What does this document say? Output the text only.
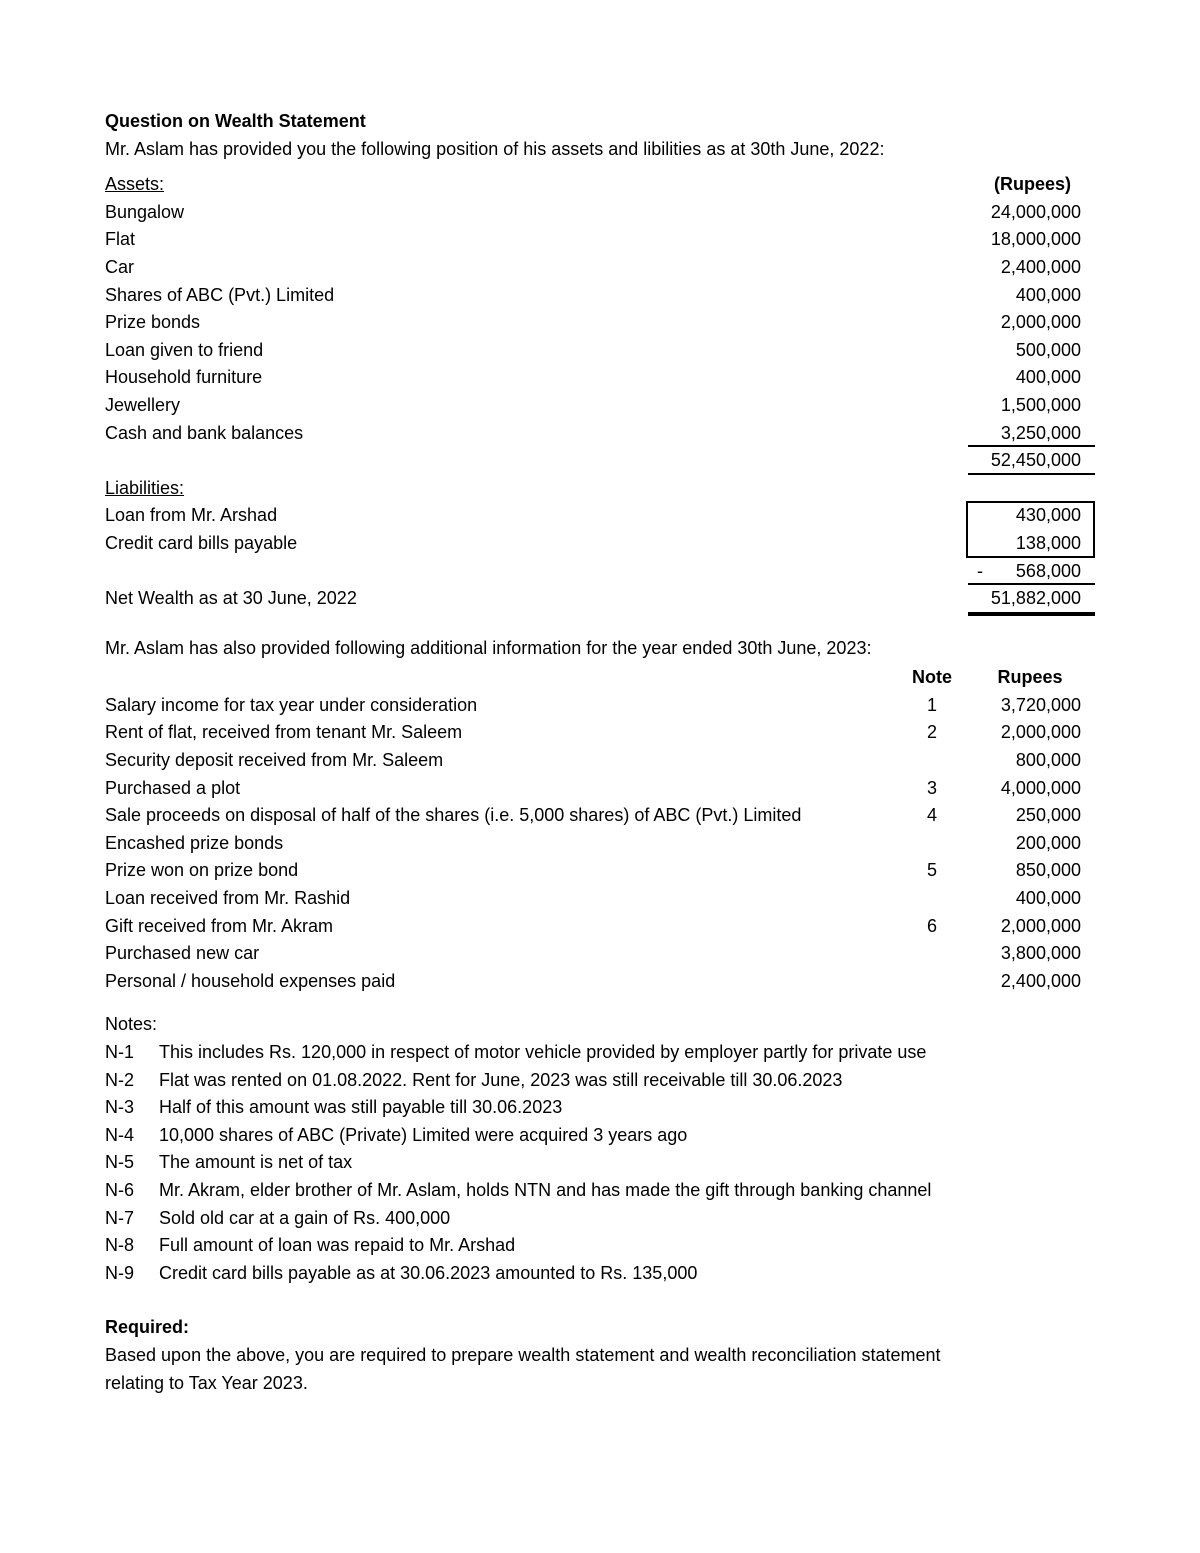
Question on Wealth Statement
Mr. Aslam has provided you the following position of his assets and libilities as at 30th June, 2022:
Assets:	(Rupees)
Bungalow	24,000,000
Flat	18,000,000
Car	2,400,000
Shares of ABC (Pvt.) Limited	400,000
Prize bonds	2,000,000
Loan given to friend	500,000
Household furniture	400,000
Jewellery	1,500,000
Cash and bank balances	3,250,000
52,450,000
Liabilities:
Loan from Mr. Arshad	430,000
Credit card bills payable	138,000
- 568,000
Net Wealth as at 30 June, 2022	51,882,000
Mr. Aslam has also provided following additional information for the year ended 30th June, 2023:
Note	Rupees
Salary income for tax year under consideration	1	3,720,000
Rent of flat, received from tenant Mr. Saleem	2	2,000,000
Security deposit received from Mr. Saleem	800,000
Purchased a plot	3	4,000,000
Sale proceeds on disposal of half of the shares (i.e. 5,000 shares) of ABC (Pvt.) Limited	4	250,000
Encashed prize bonds	200,000
Prize won on prize bond	5	850,000
Loan received from Mr. Rashid	400,000
Gift received from Mr. Akram	6	2,000,000
Purchased new car	3,800,000
Personal / household expenses paid	2,400,000
Notes:
N-1 This includes Rs. 120,000 in respect of motor vehicle provided by employer partly for private use
N-2 Flat was rented on 01.08.2022. Rent for June, 2023 was still receivable till 30.06.2023
N-3 Half of this amount was still payable till 30.06.2023
N-4 10,000 shares of ABC (Private) Limited were acquired 3 years ago
N-5 The amount is net of tax
N-6 Mr. Akram, elder brother of Mr. Aslam, holds NTN and has made the gift through banking channel
N-7 Sold old car at a gain of Rs. 400,000
N-8 Full amount of loan was repaid to Mr. Arshad
N-9 Credit card bills payable as at 30.06.2023 amounted to Rs. 135,000
Required:
Based upon the above, you are required to prepare wealth statement and wealth reconciliation statement
relating to Tax Year 2023.
